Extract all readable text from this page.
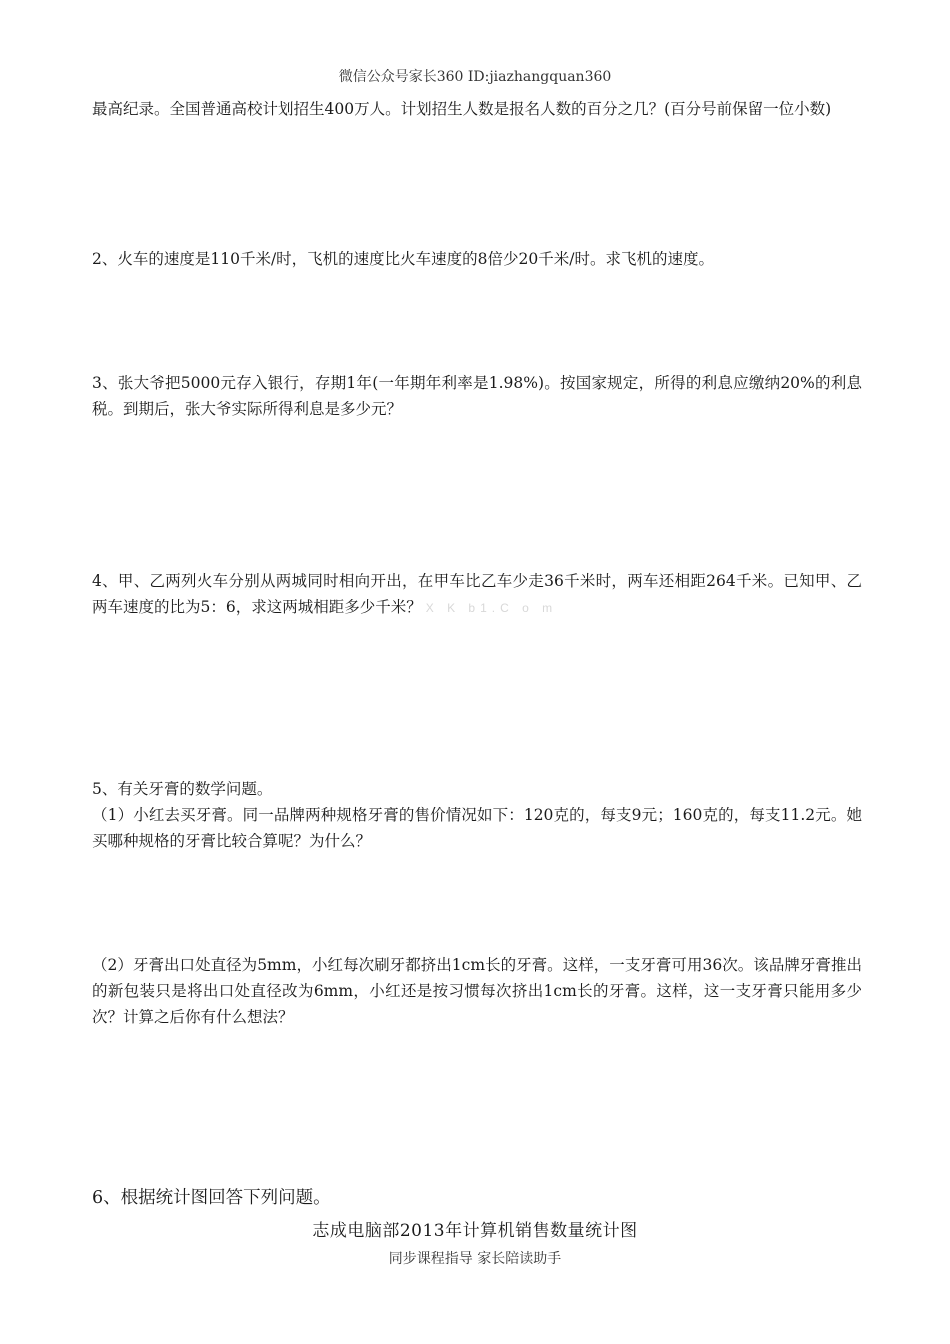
微信公众号家长360 ID:jiazhangquan360

最高纪录。全国普通高校计划招生400万人。计划招生人数是报名人数的百分之几？(百分号前保留一位小数)

2、火车的速度是110千米/时，飞机的速度比火车速度的8倍少20千米/时。求飞机的速度。

3、张大爷把5000元存入银行，存期1年(一年期年利率是1.98%)。按国家规定，所得的利息应缴纳20%的利息税。到期后，张大爷实际所得利息是多少元？

4、甲、乙两列火车分别从两城同时相向开出，在甲车比乙车少走36千米时，两车还相距264千米。已知甲、乙两车速度的比为5：6，求这两城相距多少千米？ X K b1.C o m

5、有关牙膏的数学问题。

（1）小红去买牙膏。同一品牌两种规格牙膏的售价情况如下：120克的，每支9元；160克的，每支11.2元。她买哪种规格的牙膏比较合算呢？为什么？

（2）牙膏出口处直径为5mm，小红每次刷牙都挤出1cm长的牙膏。这样，一支牙膏可用36次。该品牌牙膏推出的新包装只是将出口处直径改为6mm，小红还是按习惯每次挤出1cm长的牙膏。这样，这一支牙膏只能用多少次？计算之后你有什么想法？

6、根据统计图回答下列问题。

志成电脑部2013年计算机销售数量统计图

同步课程指导 家长陪读助手
